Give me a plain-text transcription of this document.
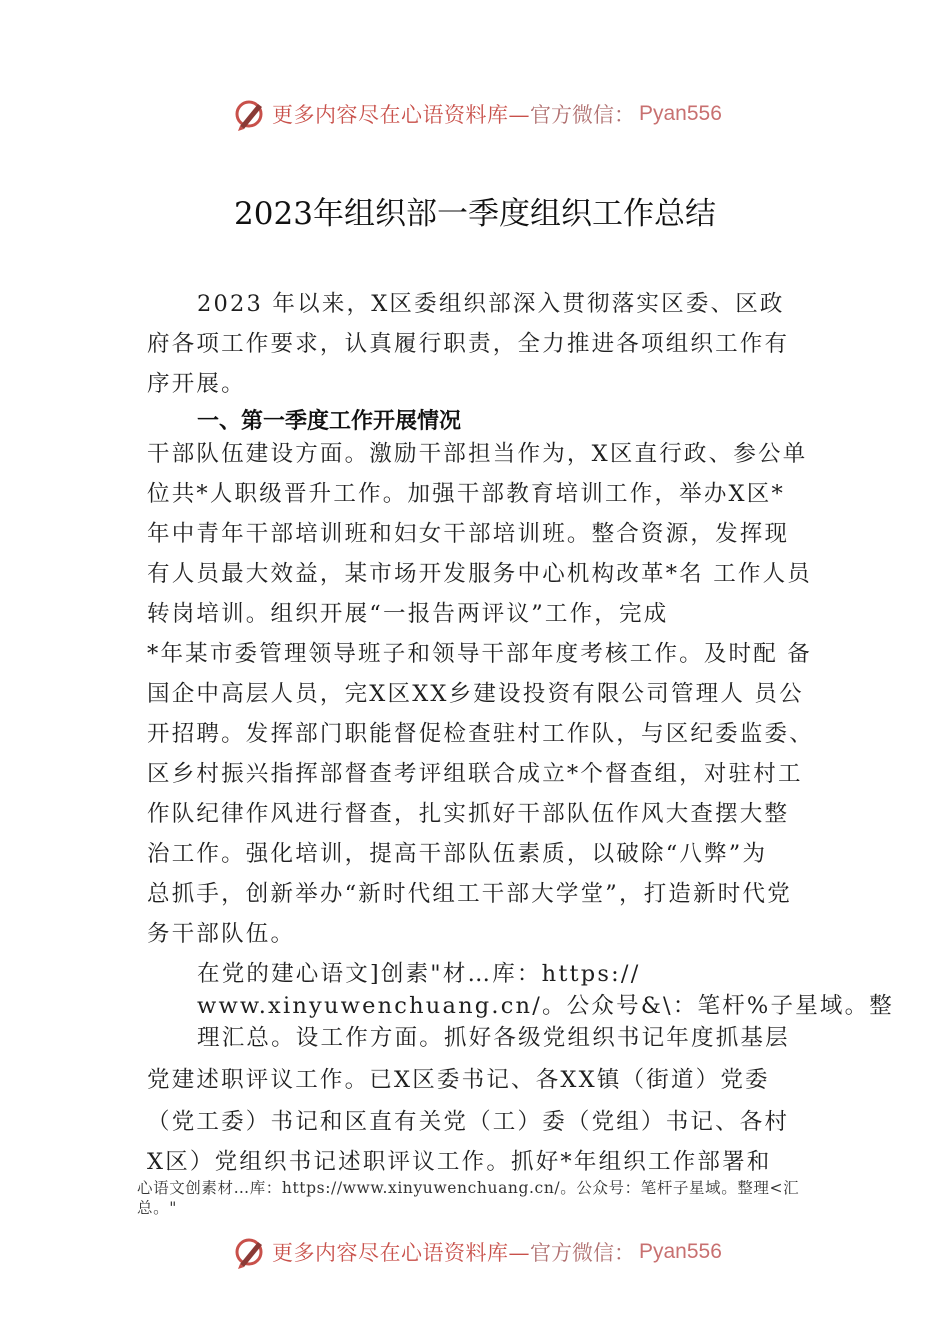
更多内容尽在心语资料库— 官方微信： Pyan556
2023年组织部一季度组织工作总结
2023 年以来，X区委组织部深入贯彻落实区委、区政
府各项工作要求，认真履行职责，全力推进各项组织工作有
序开展。
一、第一季度工作开展情况
干部队伍建设方面。激励干部担当作为，X区直行政、参公单
位共*人职级晋升工作。加强干部教育培训工作，举办X区*
年中青年干部培训班和妇女干部培训班。整合资源，发挥现
有人员最大效益，某市场开发服务中心机构改革*名 工作人员
转岗培训。组织开展“一报告两评议”工作，完成
*年某市委管理领导班子和领导干部年度考核工作。及时配 备
国企中高层人员，完X区XX乡建设投资有限公司管理人 员公
开招聘。发挥部门职能督促检查驻村工作队，与区纪委监委、
区乡村振兴指挥部督查考评组联合成立*个督查组，对驻村工
作队纪律作风进行督查，扎实抓好干部队伍作风大查摆大整
治工作。强化培训，提高干部队伍素质，以破除“八弊”为
总抓手，创新举办“新时代组工干部大学堂”，打造新时代党
务干部队伍。
在党的建心语文]创素"材…库：https://
www.xinyuwenchuang.cn/。公众号&\：笔杆%子星域。整
理汇总。设工作方面。抓好各级党组织书记年度抓基层
党建述职评议工作。已X区委书记、各XX镇（街道）党委
（党工委）书记和区直有关党（工）委（党组）书记、各村
X区）党组织书记述职评议工作。抓好*年组织工作部署和
心语文创素材…库：https://www.xinyuwenchuang.cn/。公众号：笔杆子星域。整理<汇
总。"
更多内容尽在心语资料库— 官方微信： Pyan556
